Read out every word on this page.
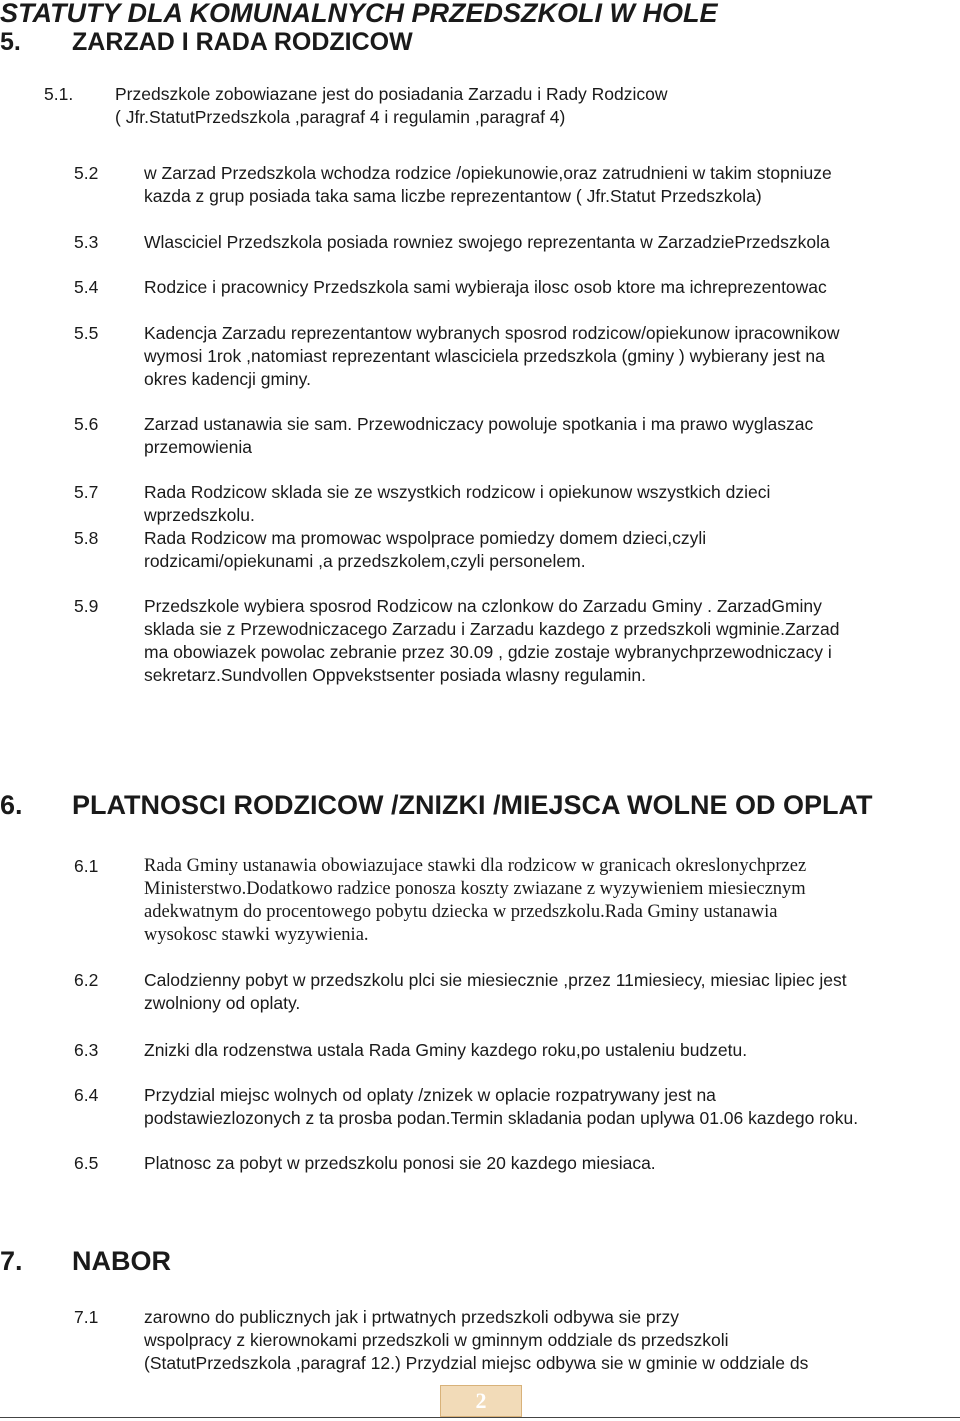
STATUTY DLA KOMUNALNYCH PRZEDSZKOLI W HOLE
5. ZARZAD I RADA RODZICOW
5.1. Przedszkole zobowiazane jest do posiadania Zarzadu i Rady Rodzicow
( Jfr.StatutPrzedszkola ,paragraf 4 i regulamin ,paragraf 4)
5.2	w Zarzad Przedszkola wchodza rodzice /opiekunowie,oraz zatrudnieni w takim stopniuze
kazda z grup posiada taka sama liczbe reprezentantow ( Jfr.Statut Przedszkola)
5.3	Wlasciciel Przedszkola posiada rowniez swojego reprezentanta w ZarzadziePrzedszkola
5.4	Rodzice i pracownicy Przedszkola sami wybieraja ilosc osob ktore ma ichreprezentowac
5.5	Kadencja Zarzadu reprezentantow wybranych sposrod rodzicow/opiekunow ipracownikow
wymosi 1rok ,natomiast reprezentant wlasciciela przedszkola (gminy ) wybierany jest na
okres kadencji gminy.
5.6	Zarzad ustanawia sie sam. Przewodniczacy powoluje spotkania i ma prawo wyglaszac
przemowienia
5.7	Rada Rodzicow sklada sie ze wszystkich rodzicow i opiekunow wszystkich dzieci
wprzedszkolu.
5.8	Rada Rodzicow ma promowac wspolprace pomiedzy domem dzieci,czyli
rodzicami/opiekunami ,a przedszkolem,czyli personelem.
5.9	Przedszkole wybiera sposrod Rodzicow na czlonkow do Zarzadu Gminy . ZarzadGminy
sklada sie z Przewodniczacego Zarzadu i Zarzadu kazdego z przedszkoli wgminie.Zarzad
ma obowiazek powolac zebranie przez 30.09 , gdzie zostaje wybranychprzewodniczacy i
sekretarz.Sundvollen Oppvekstsenter posiada wlasny regulamin.
6. PLATNOSCI RODZICOW /ZNIZKI /MIEJSCA WOLNE OD OPLAT
6.1 Rada Gminy ustanawia obowiazujace stawki dla rodzicow w granicach okreslonychprzez
Ministerstwo.Dodatkowo radzice ponosza koszty zwiazane z wyzywieniem miesiecznym
adekwatnym do procentowego pobytu dziecka w przedszkolu.Rada Gminy ustanawia
wysokosc stawki wyzywienia.
6.2	Calodzienny pobyt w przedszkolu plci sie miesiecznie ,przez 11miesiecy, miesiac lipiec jest
zwolniony od oplaty.
6.3	Znizki dla rodzenstwa ustala Rada Gminy kazdego roku,po ustaleniu budzetu.
6.4	Przydzial miejsc wolnych od oplaty /znizek w oplacie rozpatrywany jest na
podstawiezlozonych z ta prosba podan.Termin skladania podan uplywa 01.06 kazdego roku.
6.5	Platnosc za pobyt w przedszkolu ponosi sie 20 kazdego miesiaca.
7. NABOR
7.1	zarowno do publicznych jak i prtwatnych przedszkoli odbywa sie przy
wspolpracy z kierownokami przedszkoli w gminnym oddziale ds przedszkoli
(StatutPrzedszkola ,paragraf 12.) Przydzial miejsc odbywa sie w gminie w oddziale ds
2
